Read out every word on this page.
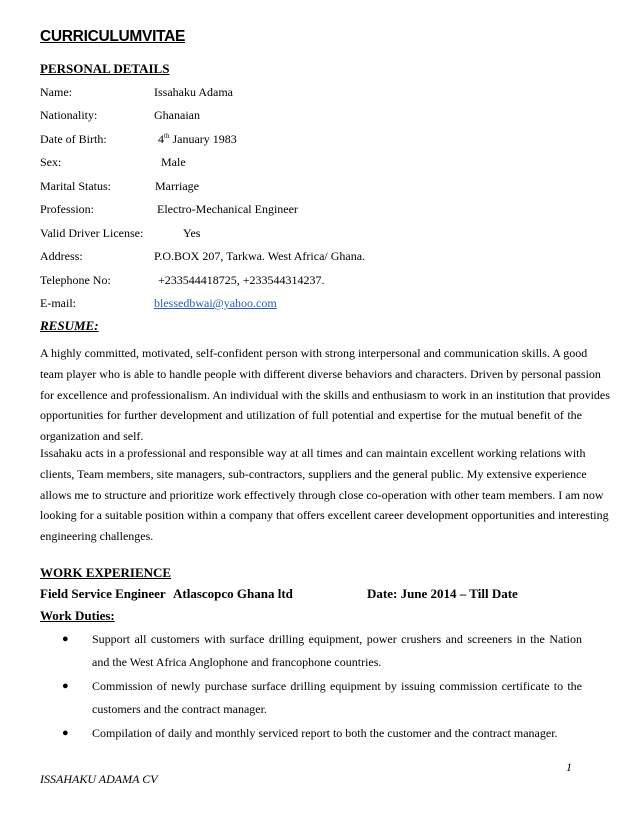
CURRICULUMVITAE
PERSONAL DETAILS
Name:	Issahaku Adama
Nationality:	Ghanaian
Date of Birth:	4th January 1983
Sex:	Male
Marital Status:	Marriage
Profession:	Electro-Mechanical Engineer
Valid Driver License:	Yes
Address:	P.O.BOX 207, Tarkwa. West Africa/ Ghana.
Telephone No:	+233544418725, +233544314237.
E-mail:	blessedbwai@yahoo.com
RESUME:
A highly committed, motivated, self-confident person with strong interpersonal and communication skills. A good
team player who is able to handle people with different diverse behaviors and characters. Driven by personal passion
for excellence and professionalism. An individual with the skills and enthusiasm to work in an institution that provides
opportunities for further development and utilization of full potential and expertise for the mutual benefit of the
organization and self.
Issahaku acts in a professional and responsible way at all times and can maintain excellent working relations with
clients, Team members, site managers, sub-contractors, suppliers and the general public. My extensive experience
allows me to structure and prioritize work effectively through close co-operation with other team members. I am now
looking for a suitable position within a company that offers excellent career development opportunities and interesting
engineering challenges.
WORK EXPERIENCE
Field Service Engineer Atlascopco Ghana ltd	Date: June 2014 – Till Date
Work Duties:
● Support all customers with surface drilling equipment, power crushers and screeners in the Nation
and the West Africa Anglophone and francophone countries.
● Commission of newly purchase surface drilling equipment by issuing commission certificate to the
customers and the contract manager.
● Compilation of daily and monthly serviced report to both the customer and the contract manager.
1
ISSAHAKU ADAMA CV
